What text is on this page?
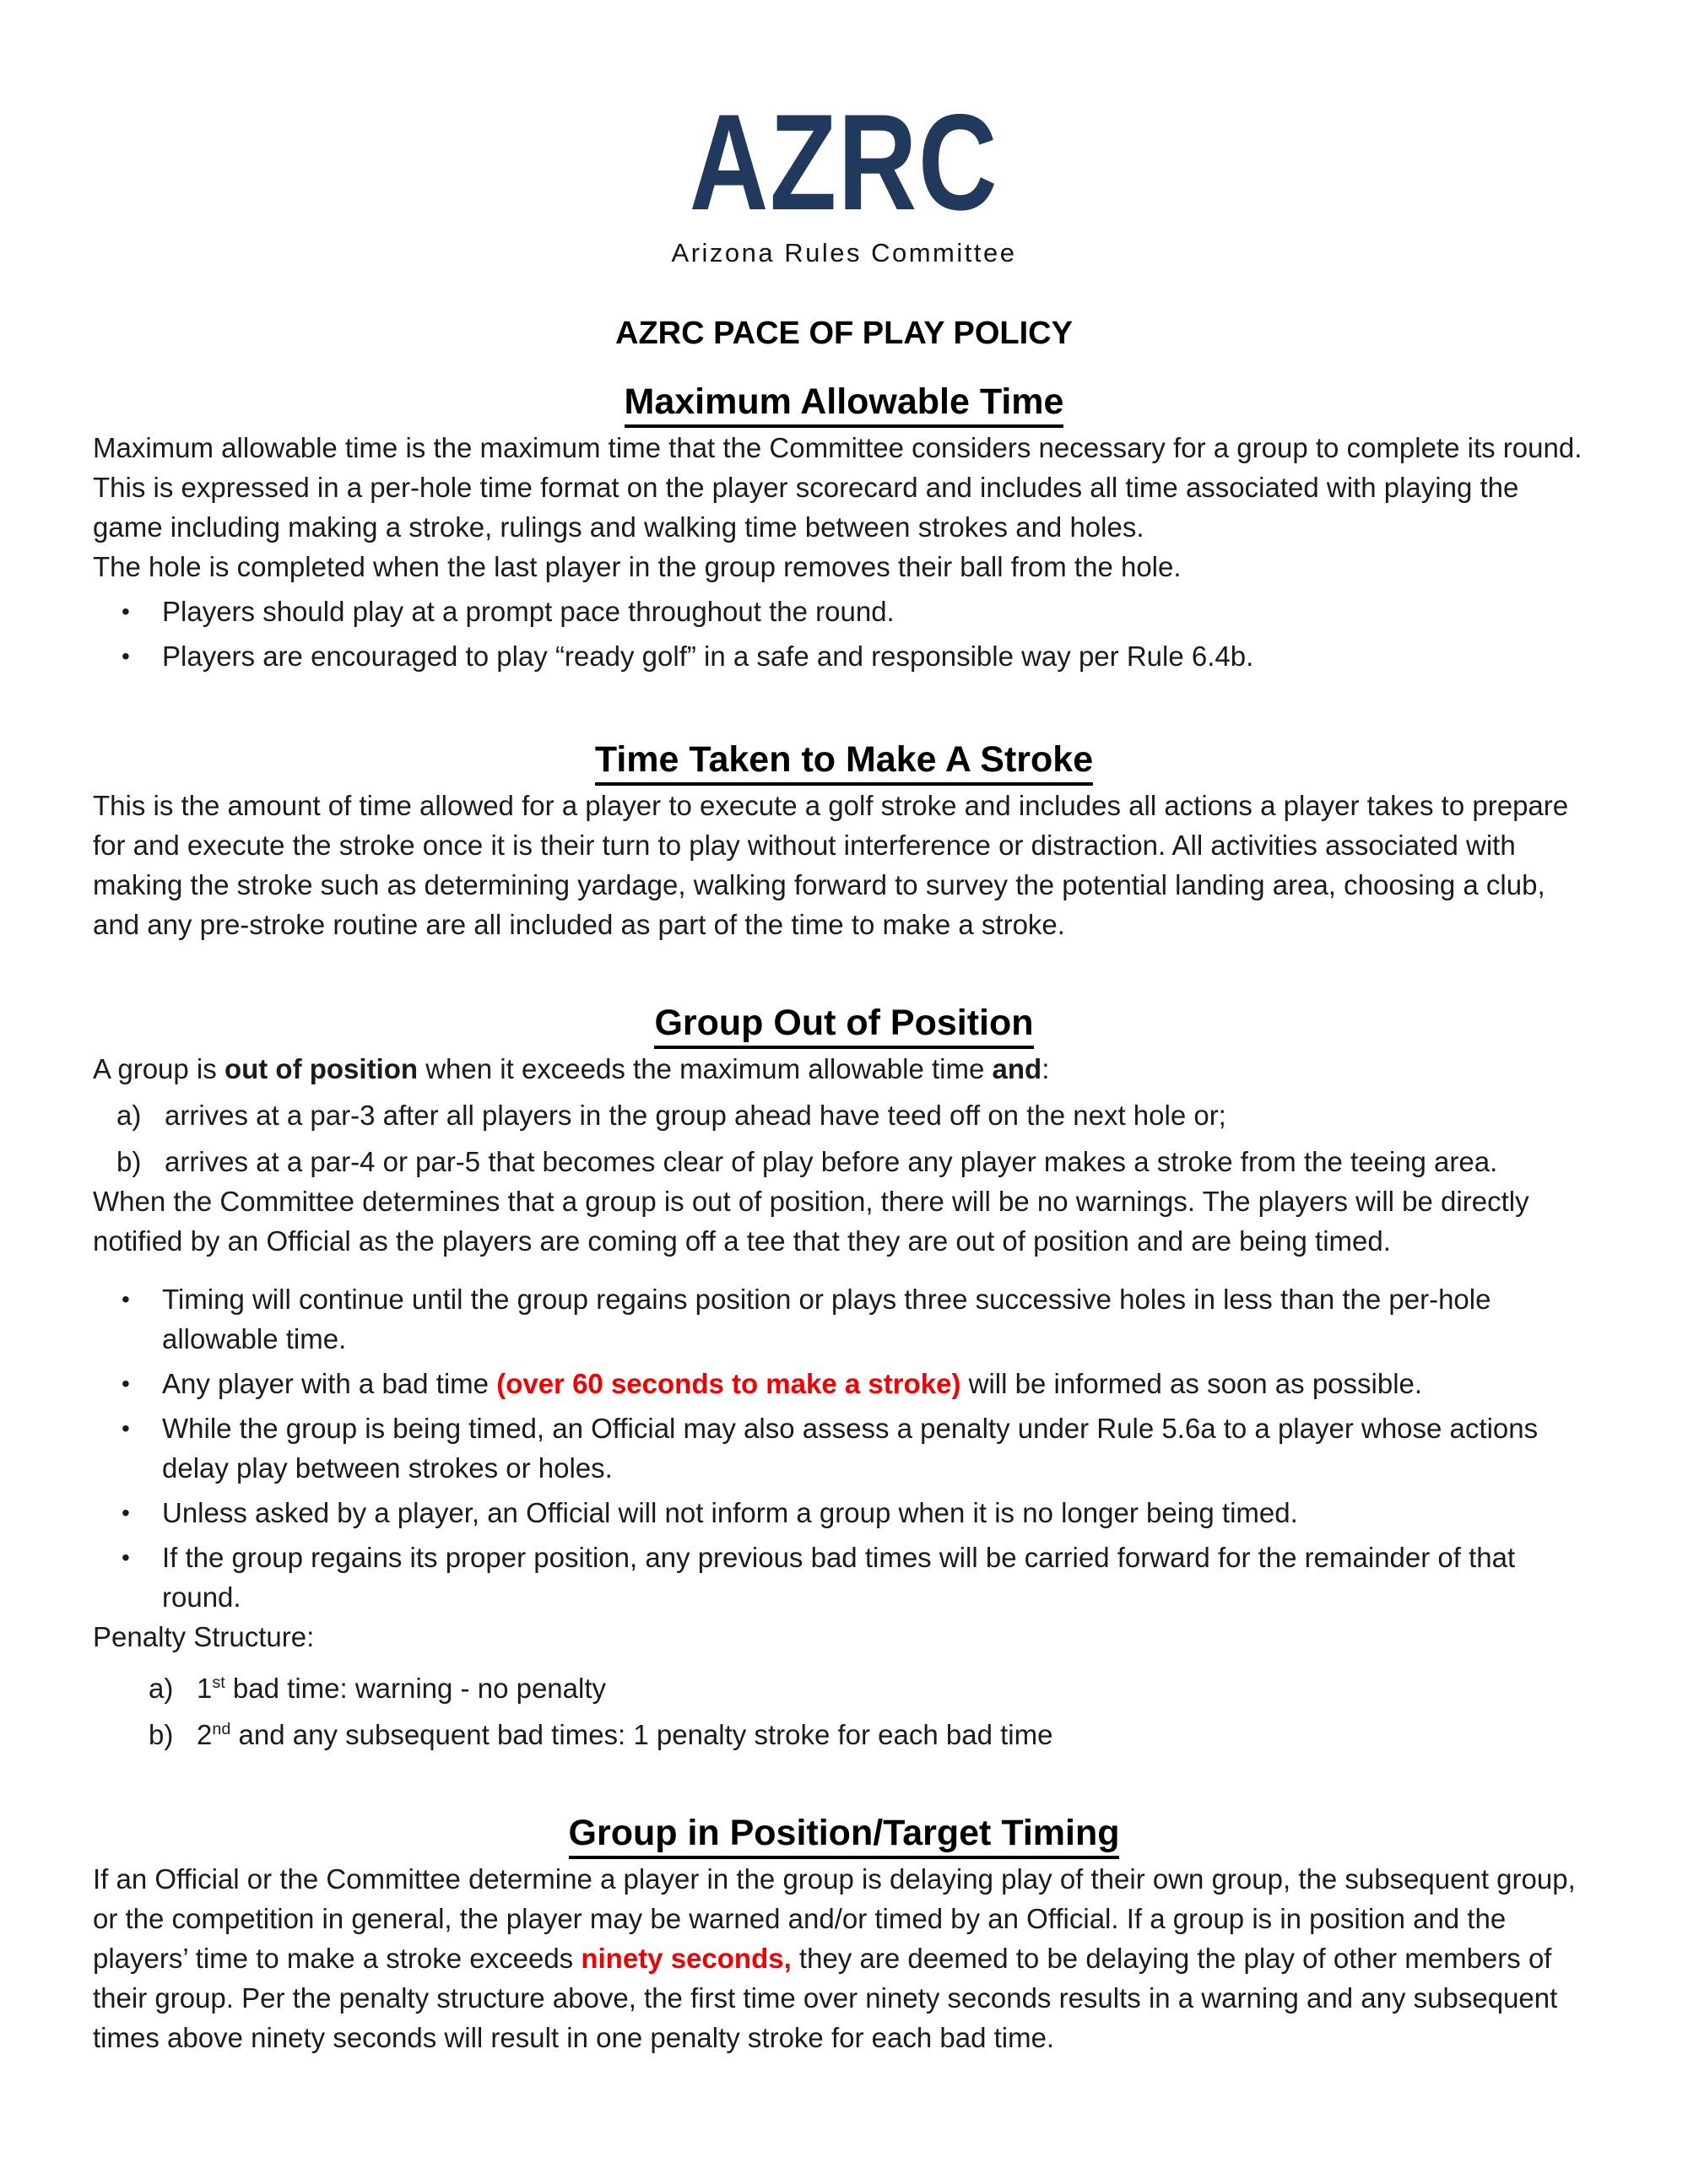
AZRC
Arizona Rules Committee
AZRC PACE OF PLAY POLICY
Maximum Allowable Time

Maximum allowable time is the maximum time that the Committee considers necessary for a group to complete its round. This is expressed in a per-hole time format on the player scorecard and includes all time associated with playing the game including making a stroke, rulings and walking time between strokes and holes.

The hole is completed when the last player in the group removes their ball from the hole.

•	Players should play at a prompt pace throughout the round.
•	Players are encouraged to play “ready golf” in a safe and responsible way per Rule 6.4b.
Time Taken to Make A Stroke

This is the amount of time allowed for a player to execute a golf stroke and includes all actions a player takes to prepare for and execute the stroke once it is their turn to play without interference or distraction. All activities associated with making the stroke such as determining yardage, walking forward to survey the potential landing area, choosing a club, and any pre-stroke routine are all included as part of the time to make a stroke.

Group Out of Position

A group is out of position when it exceeds the maximum allowable time and:

a) arrives at a par-3 after all players in the group ahead have teed off on the next hole or;
b) arrives at a par-4 or par-5 that becomes clear of play before any player makes a stroke from the teeing area.

When the Committee determines that a group is out of position, there will be no warnings. The players will be directly notified by an Official as the players are coming off a tee that they are out of position and are being timed.

•	Timing will continue until the group regains position or plays three successive holes in less than the per-hole allowable time.
•	Any player with a bad time (over 60 seconds to make a stroke) will be informed as soon as possible.
•	While the group is being timed, an Official may also assess a penalty under Rule 5.6a to a player whose actions delay play between strokes or holes.
•	Unless asked by a player, an Official will not inform a group when it is no longer being timed.
•	If the group regains its proper position, any previous bad times will be carried forward for the remainder of that round.

Penalty Structure:

a) 1st bad time: warning - no penalty
b) 2nd and any subsequent bad times: 1 penalty stroke for each bad time
Group in Position/Target Timing

If an Official or the Committee determine a player in the group is delaying play of their own group, the subsequent group, or the competition in general, the player may be warned and/or timed by an Official. If a group is in position and the players’ time to make a stroke exceeds ninety seconds, they are deemed to be delaying the play of other members of their group. Per the penalty structure above, the first time over ninety seconds results in a warning and any subsequent times above ninety seconds will result in one penalty stroke for each bad time.
